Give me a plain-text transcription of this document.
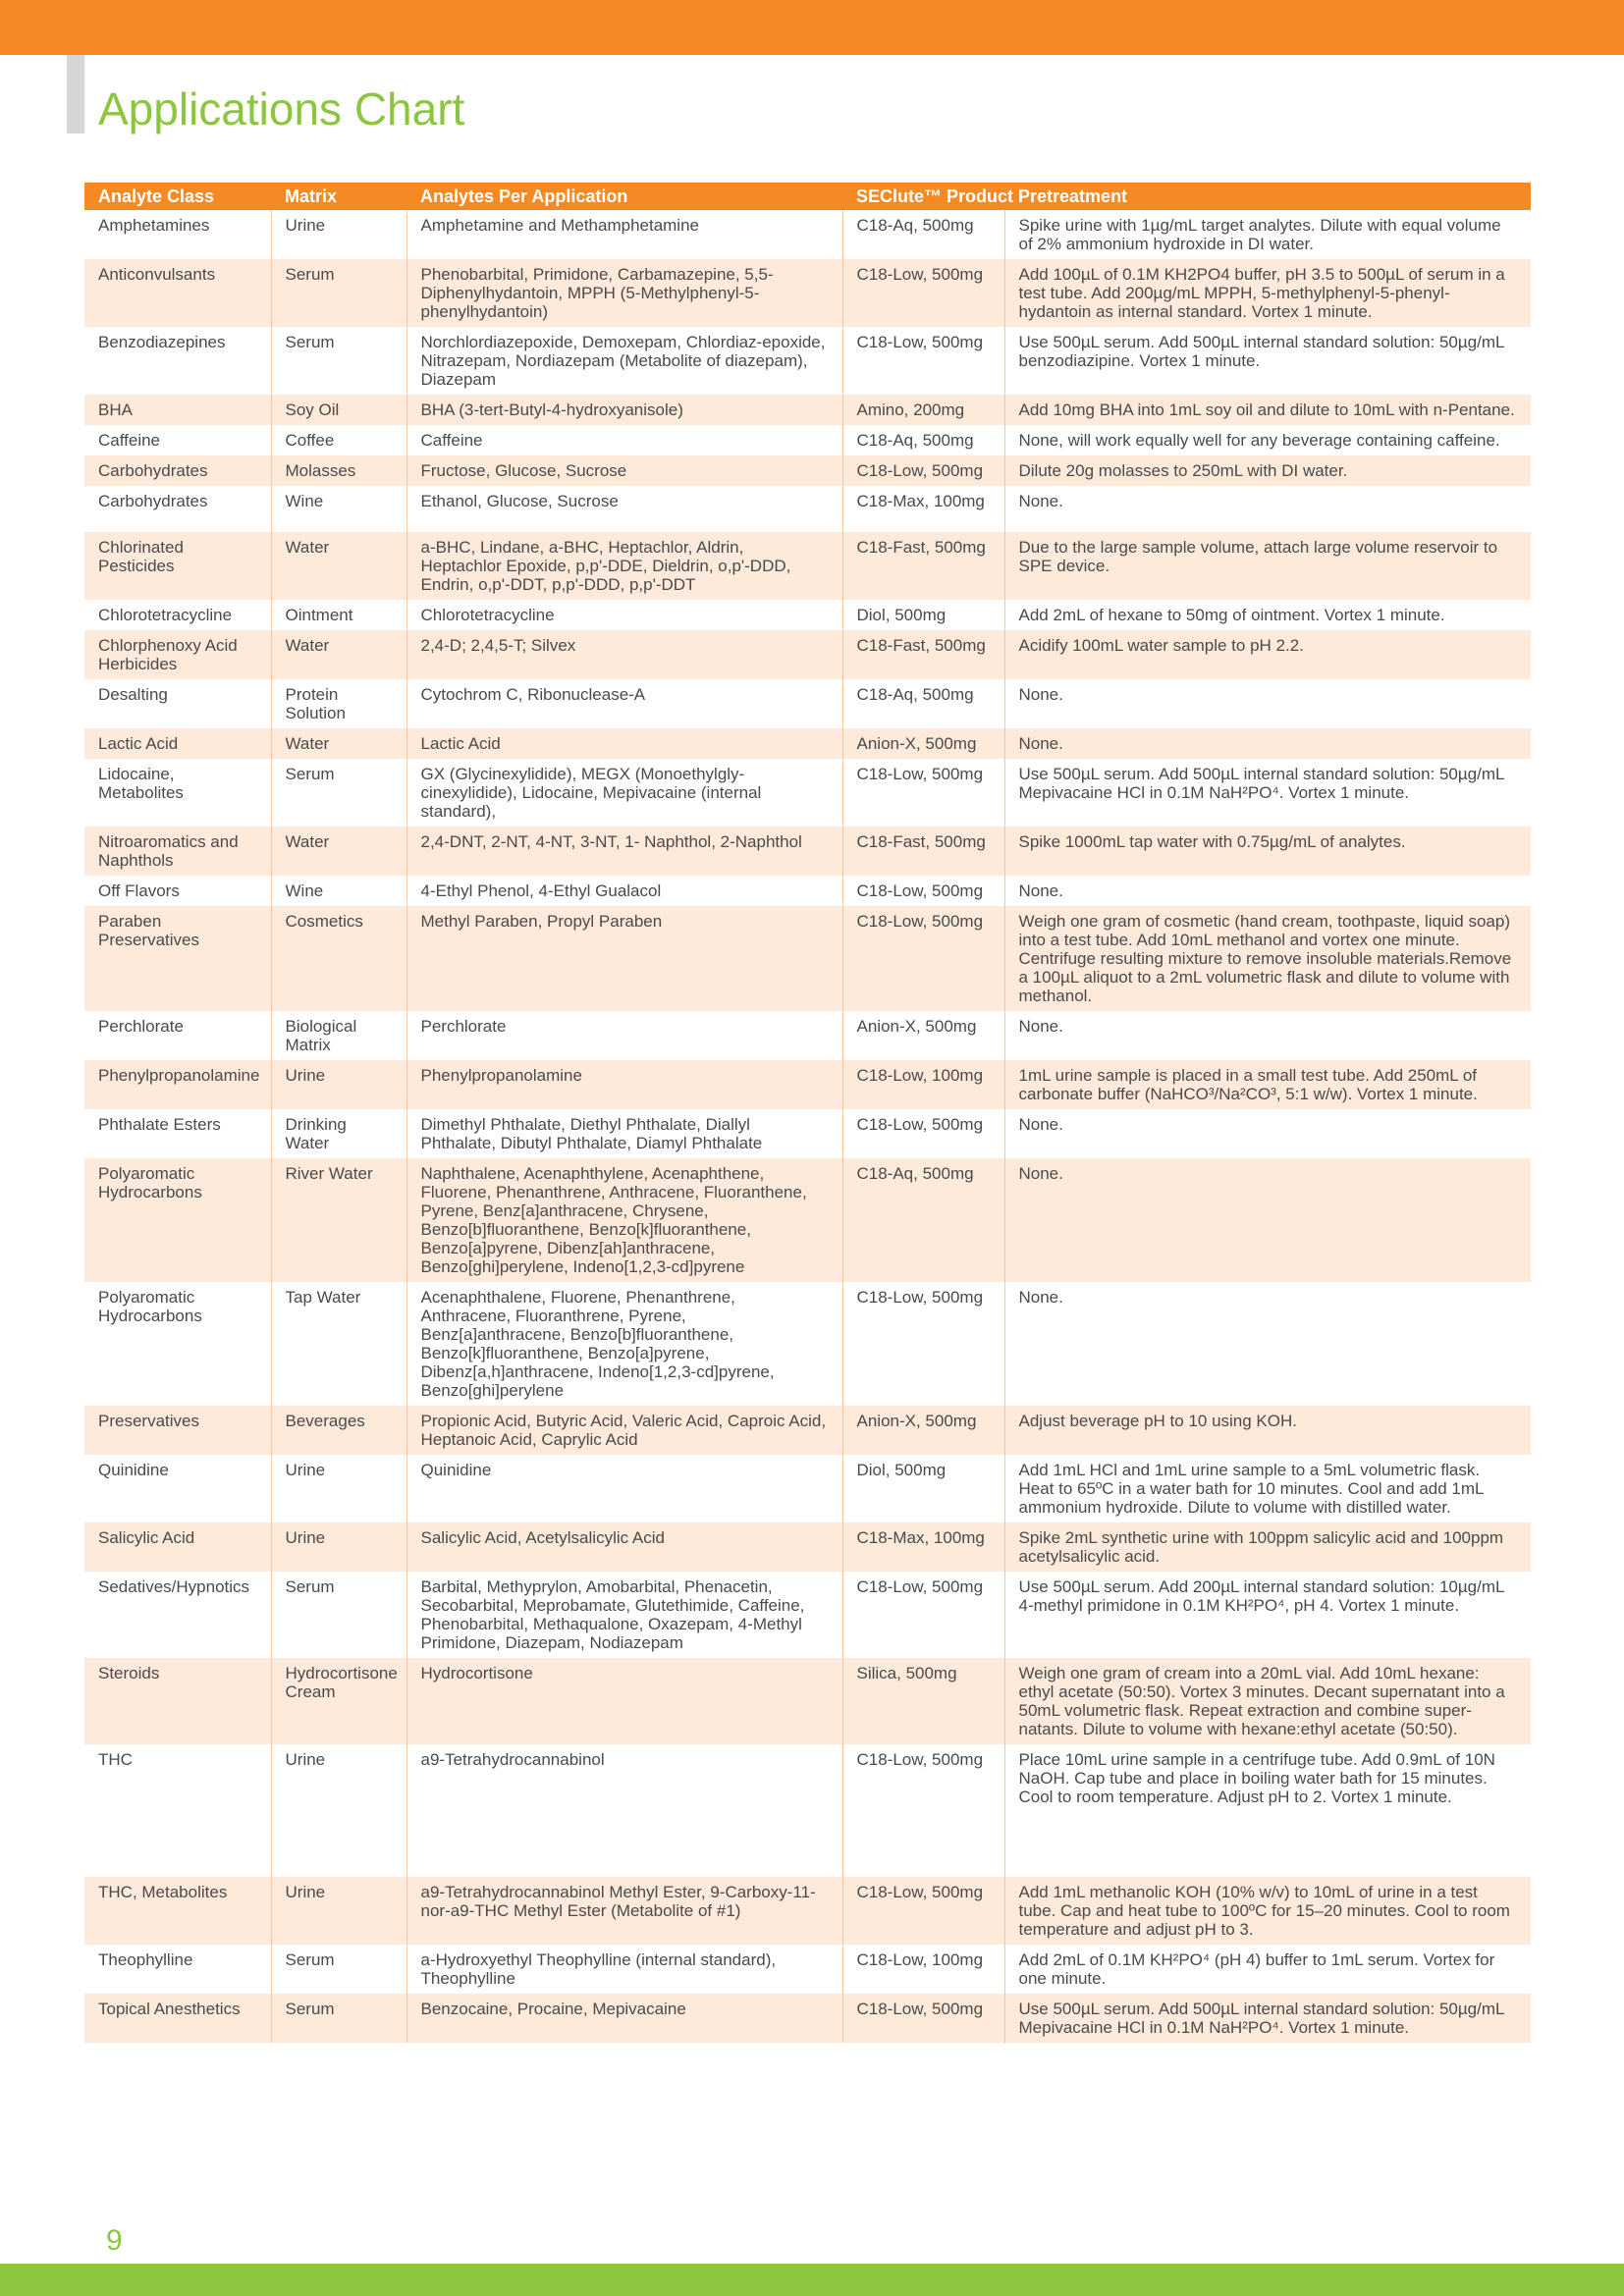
Applications Chart
Analyte Class	Matrix	Analytes Per Application	SEClute™ Product Pretreatment	
Amphetamines	Urine	Amphetamine and Methamphetamine	C18-Aq, 500mg	Spike urine with 1µg/mL target analytes. Dilute with equal volume of 2% ammonium hydroxide in DI water.
Anticonvulsants	Serum	Phenobarbital, Primidone, Carbamazepine, 5,5-Diphenylhydantoin, MPPH (5-Methylphenyl-5-phenylhydantoin)	C18-Low, 500mg	Add 100µL of 0.1M KH2PO4 buffer, pH 3.5 to 500µL of serum in a test tube. Add 200µg/mL MPPH, 5-methylphenyl-5-phenyl-hydantoin as internal standard. Vortex 1 minute.
Benzodiazepines	Serum	Norchlordiazepoxide, Demoxepam, Chlordiaz-epoxide, Nitrazepam, Nordiazepam (Metabolite of diazepam), Diazepam	C18-Low, 500mg	Use 500µL serum. Add 500µL internal standard solution: 50µg/mL benzodiazipine. Vortex 1 minute.
BHA	Soy Oil	BHA (3-tert-Butyl-4-hydroxyanisole)	Amino, 200mg	Add 10mg BHA into 1mL soy oil and dilute to 10mL with n-Pentane.
Caffeine	Coffee	Caffeine	C18-Aq, 500mg	None, will work equally well for any beverage containing caffeine.
Carbohydrates	Molasses	Fructose, Glucose, Sucrose	C18-Low, 500mg	Dilute 20g molasses to 250mL with DI water.
Carbohydrates	Wine	Ethanol, Glucose, Sucrose	C18-Max, 100mg	None.
Chlorinated Pesticides	Water	a-BHC, Lindane, a-BHC, Heptachlor, Aldrin, Heptachlor Epoxide, p,p'-DDE, Dieldrin, o,p'-DDD, Endrin, o,p'-DDT, p,p'-DDD, p,p'-DDT	C18-Fast, 500mg	Due to the large sample volume, attach large volume reservoir to SPE device.
Chlorotetracycline	Ointment	Chlorotetracycline	Diol, 500mg	Add 2mL of hexane to 50mg of ointment. Vortex 1 minute.
Chlorphenoxy Acid Herbicides	Water	2,4-D; 2,4,5-T; Silvex	C18-Fast, 500mg	Acidify 100mL water sample to pH 2.2.
Desalting	Protein Solution	Cytochrom C, Ribonuclease-A	C18-Aq, 500mg	None.
Lactic Acid	Water	Lactic Acid	Anion-X, 500mg	None.
Lidocaine, Metabolites	Serum	GX (Glycinexylidide), MEGX (Monoethylgly-cinexylidide), Lidocaine, Mepivacaine (internal standard),	C18-Low, 500mg	Use 500µL serum. Add 500µL internal standard solution: 50µg/mL Mepivacaine HCl in 0.1M NaH²PO⁴. Vortex 1 minute.
Nitroaromatics and Naphthols	Water	2,4-DNT, 2-NT, 4-NT, 3-NT, 1- Naphthol, 2-Naphthol	C18-Fast, 500mg	Spike 1000mL tap water with 0.75µg/mL of analytes.
Off Flavors	Wine	4-Ethyl Phenol, 4-Ethyl Gualacol	C18-Low, 500mg	None.
Paraben Preservatives	Cosmetics	Methyl Paraben, Propyl Paraben	C18-Low, 500mg	Weigh one gram of cosmetic (hand cream, toothpaste, liquid soap) into a test tube. Add 10mL methanol and vortex one minute. Centrifuge resulting mixture to remove insoluble materials.Remove a 100µL aliquot to a 2mL volumetric flask and dilute to volume with methanol.
Perchlorate	Biological Matrix	Perchlorate	Anion-X, 500mg	None.
Phenylpropanolamine	Urine	Phenylpropanolamine	C18-Low, 100mg	1mL urine sample is placed in a small test tube. Add 250mL of carbonate buffer (NaHCO³/Na²CO³, 5:1 w/w). Vortex 1 minute.
Phthalate Esters	Drinking Water	Dimethyl Phthalate, Diethyl Phthalate, Diallyl Phthalate, Dibutyl Phthalate, Diamyl Phthalate	C18-Low, 500mg	None.
Polyaromatic Hydrocarbons	River Water	Naphthalene, Acenaphthylene, Acenaphthene, Fluorene, Phenanthrene, Anthracene, Fluoranthene, Pyrene, Benz[a]anthracene, Chrysene, Benzo[b]fluoranthene, Benzo[k]fluoranthene, Benzo[a]pyrene, Dibenz[ah]anthracene, Benzo[ghi]perylene, Indeno[1,2,3-cd]pyrene	C18-Aq, 500mg	None.
Polyaromatic Hydrocarbons	Tap Water	Acenaphthalene, Fluorene, Phenanthrene, Anthracene, Fluoranthrene, Pyrene, Benz[a]anthracene, Benzo[b]fluoranthene, Benzo[k]fluoranthene, Benzo[a]pyrene, Dibenz[a,h]anthracene, Indeno[1,2,3-cd]pyrene, Benzo[ghi]perylene	C18-Low, 500mg	None.
Preservatives	Beverages	Propionic Acid, Butyric Acid, Valeric Acid, Caproic Acid, Heptanoic Acid, Caprylic Acid	Anion-X, 500mg	Adjust beverage pH to 10 using KOH.
Quinidine	Urine	Quinidine	Diol, 500mg	Add 1mL HCl and 1mL urine sample to a 5mL volumetric flask. Heat to 65ºC in a water bath for 10 minutes. Cool and add 1mL ammonium hydroxide. Dilute to volume with distilled water.
Salicylic Acid	Urine	Salicylic Acid, Acetylsalicylic Acid	C18-Max, 100mg	Spike 2mL synthetic urine with 100ppm salicylic acid and 100ppm acetylsalicylic acid.
Sedatives/Hypnotics	Serum	Barbital, Methyprylon, Amobarbital, Phenacetin, Secobarbital, Meprobamate, Glutethimide, Caffeine, Phenobarbital, Methaqualone, Oxazepam, 4-Methyl Primidone, Diazepam, Nodiazepam	C18-Low, 500mg	Use 500µL serum. Add 200µL internal standard solution: 10µg/mL 4-methyl primidone in 0.1M KH²PO⁴, pH 4. Vortex 1 minute.
Steroids	Hydrocortisone Cream	Hydrocortisone	Silica, 500mg	Weigh one gram of cream into a 20mL vial. Add 10mL hexane: ethyl acetate (50:50). Vortex 3 minutes. Decant supernatant into a 50mL volumetric flask. Repeat extraction and combine super-natants. Dilute to volume with hexane:ethyl acetate (50:50).
THC	Urine	a9-Tetrahydrocannabinol	C18-Low, 500mg	Place 10mL urine sample in a centrifuge tube. Add 0.9mL of 10N NaOH. Cap tube and place in boiling water bath for 15 minutes. Cool to room temperature. Adjust pH to 2. Vortex 1 minute.
THC, Metabolites	Urine	a9-Tetrahydrocannabinol Methyl Ester, 9-Carboxy-11-nor-a9-THC Methyl Ester (Metabolite of #1)	C18-Low, 500mg	Add 1mL methanolic KOH (10% w/v) to 10mL of urine in a test tube. Cap and heat tube to 100ºC for 15–20 minutes. Cool to room temperature and adjust pH to 3.
Theophylline	Serum	a-Hydroxyethyl Theophylline (internal standard), Theophylline	C18-Low, 100mg	Add 2mL of 0.1M KH²PO⁴ (pH 4) buffer to 1mL serum. Vortex for one minute.
Topical Anesthetics	Serum	Benzocaine, Procaine, Mepivacaine	C18-Low, 500mg	Use 500µL serum. Add 500µL internal standard solution: 50µg/mL Mepivacaine HCl in 0.1M NaH²PO⁴. Vortex 1 minute.
9
